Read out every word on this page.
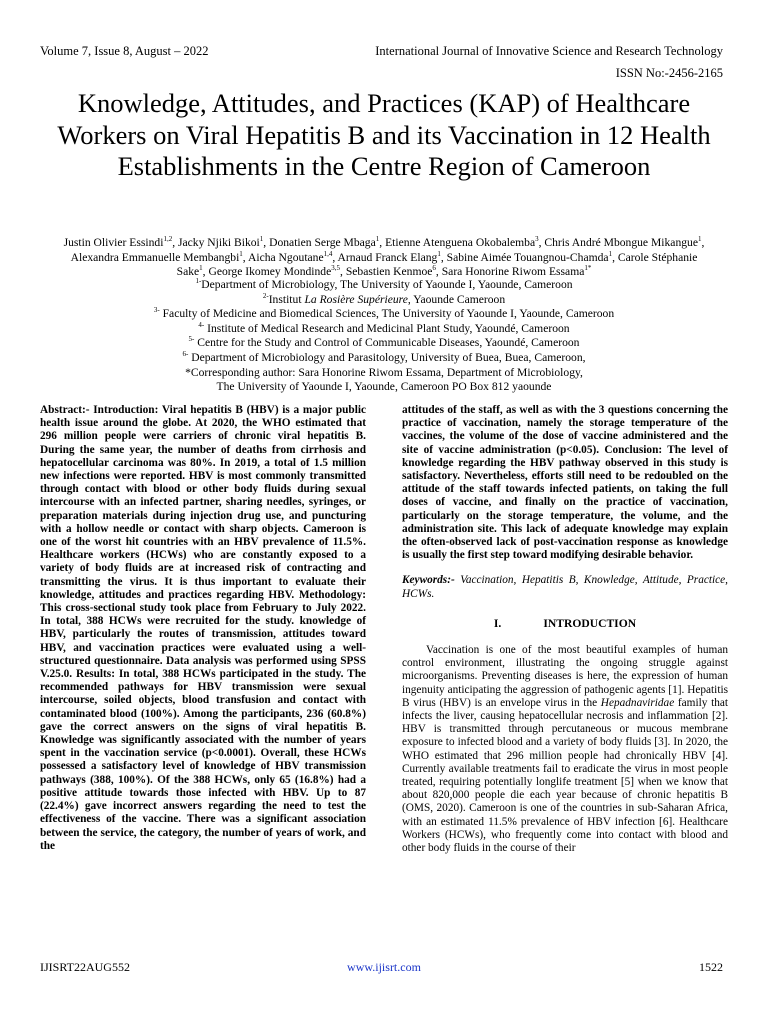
Volume 7, Issue 8, August – 2022	International Journal of Innovative Science and Research Technology
ISSN No:-2456-2165
Knowledge, Attitudes, and Practices (KAP) of Healthcare Workers on Viral Hepatitis B and its Vaccination in 12 Health Establishments in the Centre Region of Cameroon
Justin Olivier Essindi$^{1,2}$, Jacky Njiki Bikoi$^1$, Donatien Serge Mbaga$^1$, Etienne Atenguena Okobalemba$^3$, Chris André Mbongue Mikangue$^1$, Alexandra Emmanuelle Membangbi$^1$, Aicha Ngoutane$^{1,4}$, Arnaud Franck Elang$^1$, Sabine Aimée Touangnou-Chamda$^1$, Carole Stéphanie Sake$^1$, George Ikomey Mondinde$^{3,5}$, Sebastien Kenmoe$^6$, Sara Honorine Riwom Essama$^{1*}$
$^{1-}$Department of Microbiology, The University of Yaounde I, Yaounde, Cameroon
$^{2-}$Institut La Rosière Supérieure, Yaounde Cameroon
$^{3-}$ Faculty of Medicine and Biomedical Sciences, The University of Yaounde I, Yaounde, Cameroon
$^{4-}$ Institute of Medical Research and Medicinal Plant Study, Yaoundé, Cameroon
$^{5-}$ Centre for the Study and Control of Communicable Diseases, Yaoundé, Cameroon
$^{6-}$ Department of Microbiology and Parasitology, University of Buea, Buea, Cameroon,
*Corresponding author: Sara Honorine Riwom Essama, Department of Microbiology,
The University of Yaounde I, Yaounde, Cameroon PO Box 812 yaounde

Abstract:- Introduction: Viral hepatitis B (HBV) is a major public health issue around the globe. At 2020, the WHO estimated that 296 million people were carriers of chronic viral hepatitis B. During the same year, the number of deaths from cirrhosis and hepatocellular carcinoma was 80%. In 2019, a total of 1.5 million new infections were reported. HBV is most commonly transmitted through contact with blood or other body fluids during sexual intercourse with an infected partner, sharing needles, syringes, or preparation materials during injection drug use, and puncturing with a hollow needle or contact with sharp objects. Cameroon is one of the worst hit countries with an HBV prevalence of 11.5%. Healthcare workers (HCWs) who are constantly exposed to a variety of body fluids are at increased risk of contracting and transmitting the virus. It is thus important to evaluate their knowledge, attitudes and practices regarding HBV. Methodology: This cross-sectional study took place from February to July 2022. In total, 388 HCWs were recruited for the study. knowledge of HBV, particularly the routes of transmission, attitudes toward HBV, and vaccination practices were evaluated using a well-structured questionnaire. Data analysis was performed using SPSS V.25.0. Results: In total, 388 HCWs participated in the study. The recommended pathways for HBV transmission were sexual intercourse, soiled objects, blood transfusion and contact with contaminated blood (100%). Among the participants, 236 (60.8%) gave the correct answers on the signs of viral hepatitis B. Knowledge was significantly associated with the number of years spent in the vaccination service (p<0.0001). Overall, these HCWs possessed a satisfactory level of knowledge of HBV transmission pathways (388, 100%). Of the 388 HCWs, only 65 (16.8%) had a positive attitude towards those infected with HBV. Up to 87 (22.4%) gave incorrect answers regarding the need to test the effectiveness of the vaccine. There was a significant association between the service, the category, the number of years of work, and the

attitudes of the staff, as well as with the 3 questions concerning the practice of vaccination, namely the storage temperature of the vaccines, the volume of the dose of vaccine administered and the site of vaccine administration (p<0.05). Conclusion: The level of knowledge regarding the HBV pathway observed in this study is satisfactory. Nevertheless, efforts still need to be redoubled on the attitude of the staff towards infected patients, on taking the full doses of vaccine, and finally on the practice of vaccination, particularly on the storage temperature, the volume, and the administration site. This lack of adequate knowledge may explain the often-observed lack of post-vaccination response as knowledge is usually the first step toward modifying desirable behavior.

Keywords:- Vaccination, Hepatitis B, Knowledge, Attitude, Practice, HCWs.

I.	INTRODUCTION

Vaccination is one of the most beautiful examples of human control environment, illustrating the ongoing struggle against microorganisms. Preventing diseases is here, the expression of human ingenuity anticipating the aggression of pathogenic agents [1]. Hepatitis B virus (HBV) is an envelope virus in the Hepadnaviridae family that infects the liver, causing hepatocellular necrosis and inflammation [2]. HBV is transmitted through percutaneous or mucous membrane exposure to infected blood and a variety of body fluids [3]. In 2020, the WHO estimated that 296 million people had chronically HBV [4]. Currently available treatments fail to eradicate the virus in most people treated, requiring potentially longlife treatment [5] when we know that about 820,000 people die each year because of chronic hepatitis B (OMS, 2020). Cameroon is one of the countries in sub-Saharan Africa, with an estimated 11.5% prevalence of HBV infection [6]. Healthcare Workers (HCWs), who frequently come into contact with blood and other body fluids in the course of their

IJISRT22AUG552	www.ijisrt.com	1522
